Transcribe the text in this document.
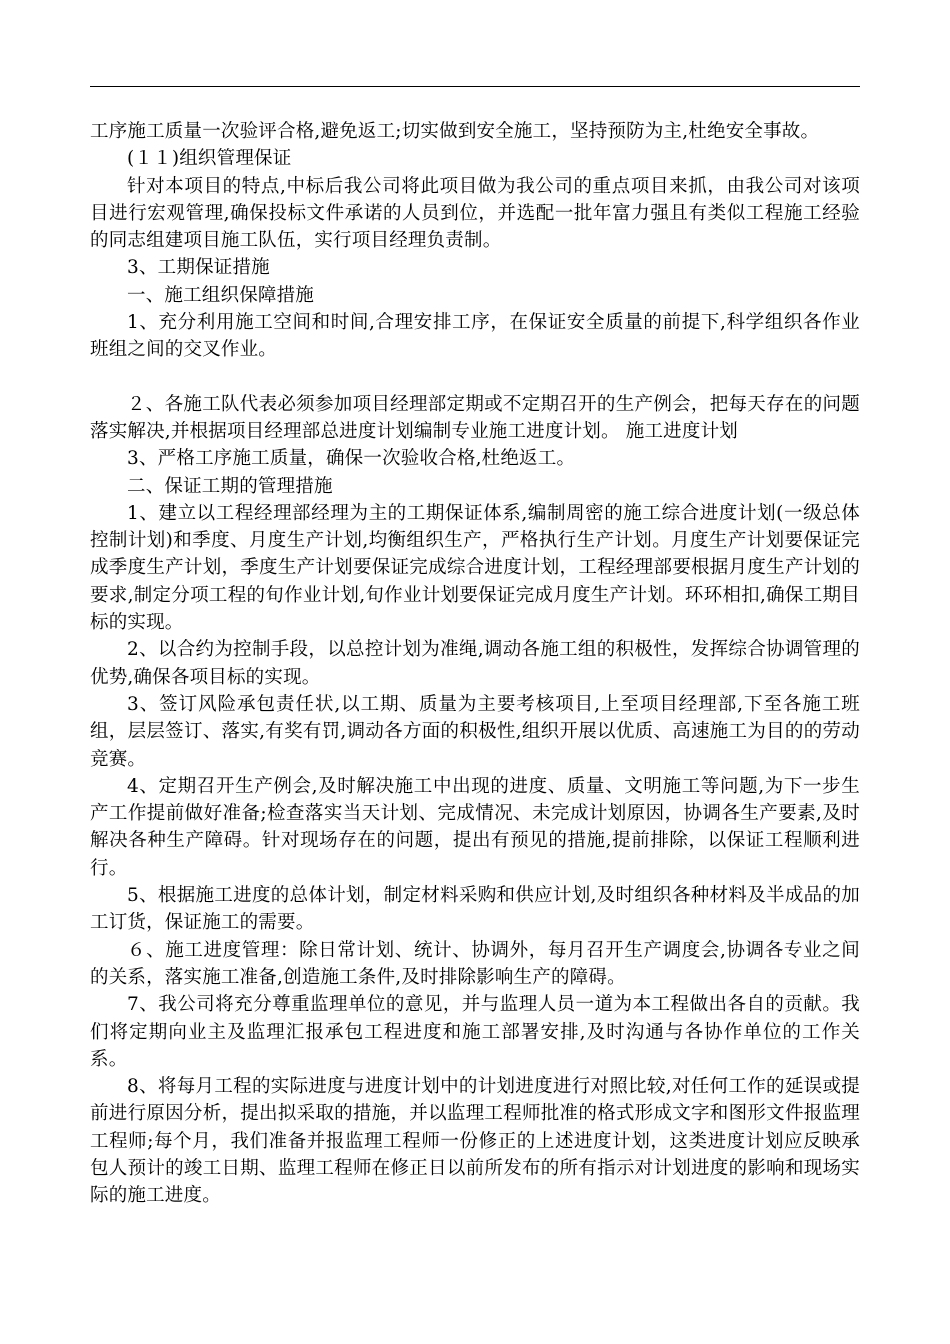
工序施工质量一次验评合格,避免返工;切实做到安全施工，坚持预防为主,杜绝安全事故。

(１１)组织管理保证

针对本项目的特点,中标后我公司将此项目做为我公司的重点项目来抓，由我公司对该项目进行宏观管理,确保投标文件承诺的人员到位，并选配一批年富力强且有类似工程施工经验的同志组建项目施工队伍，实行项目经理负责制。

3、工期保证措施

一、施工组织保障措施

1、充分利用施工空间和时间,合理安排工序，在保证安全质量的前提下,科学组织各作业班组之间的交叉作业。

２、各施工队代表必须参加项目经理部定期或不定期召开的生产例会，把每天存在的问题落实解决,并根据项目经理部总进度计划编制专业施工进度计划。 施工进度计划

3、严格工序施工质量，确保一次验收合格,杜绝返工。

二、保证工期的管理措施

1、建立以工程经理部经理为主的工期保证体系,编制周密的施工综合进度计划(一级总体控制计划)和季度、月度生产计划,均衡组织生产，严格执行生产计划。月度生产计划要保证完成季度生产计划，季度生产计划要保证完成综合进度计划，工程经理部要根据月度生产计划的要求,制定分项工程的旬作业计划,旬作业计划要保证完成月度生产计划。环环相扣,确保工期目标的实现。

2、以合约为控制手段，以总控计划为准绳,调动各施工组的积极性，发挥综合协调管理的优势,确保各项目标的实现。

3、签订风险承包责任状,以工期、质量为主要考核项目,上至项目经理部,下至各施工班组，层层签订、落实,有奖有罚,调动各方面的积极性,组织开展以优质、高速施工为目的的劳动竞赛。

4、定期召开生产例会,及时解决施工中出现的进度、质量、文明施工等问题,为下一步生产工作提前做好准备;检查落实当天计划、完成情况、未完成计划原因，协调各生产要素,及时解决各种生产障碍。针对现场存在的问题，提出有预见的措施,提前排除，以保证工程顺利进行。

5、根据施工进度的总体计划，制定材料采购和供应计划,及时组织各种材料及半成品的加工订货，保证施工的需要。

６、施工进度管理：除日常计划、统计、协调外，每月召开生产调度会,协调各专业之间的关系，落实施工准备,创造施工条件,及时排除影响生产的障碍。

7、我公司将充分尊重监理单位的意见，并与监理人员一道为本工程做出各自的贡献。我们将定期向业主及监理汇报承包工程进度和施工部署安排,及时沟通与各协作单位的工作关系。

8、将每月工程的实际进度与进度计划中的计划进度进行对照比较,对任何工作的延误或提前进行原因分析，提出拟采取的措施，并以监理工程师批准的格式形成文字和图形文件报监理工程师;每个月，我们准备并报监理工程师一份修正的上述进度计划，这类进度计划应反映承包人预计的竣工日期、监理工程师在修正日以前所发布的所有指示对计划进度的影响和现场实际的施工进度。
